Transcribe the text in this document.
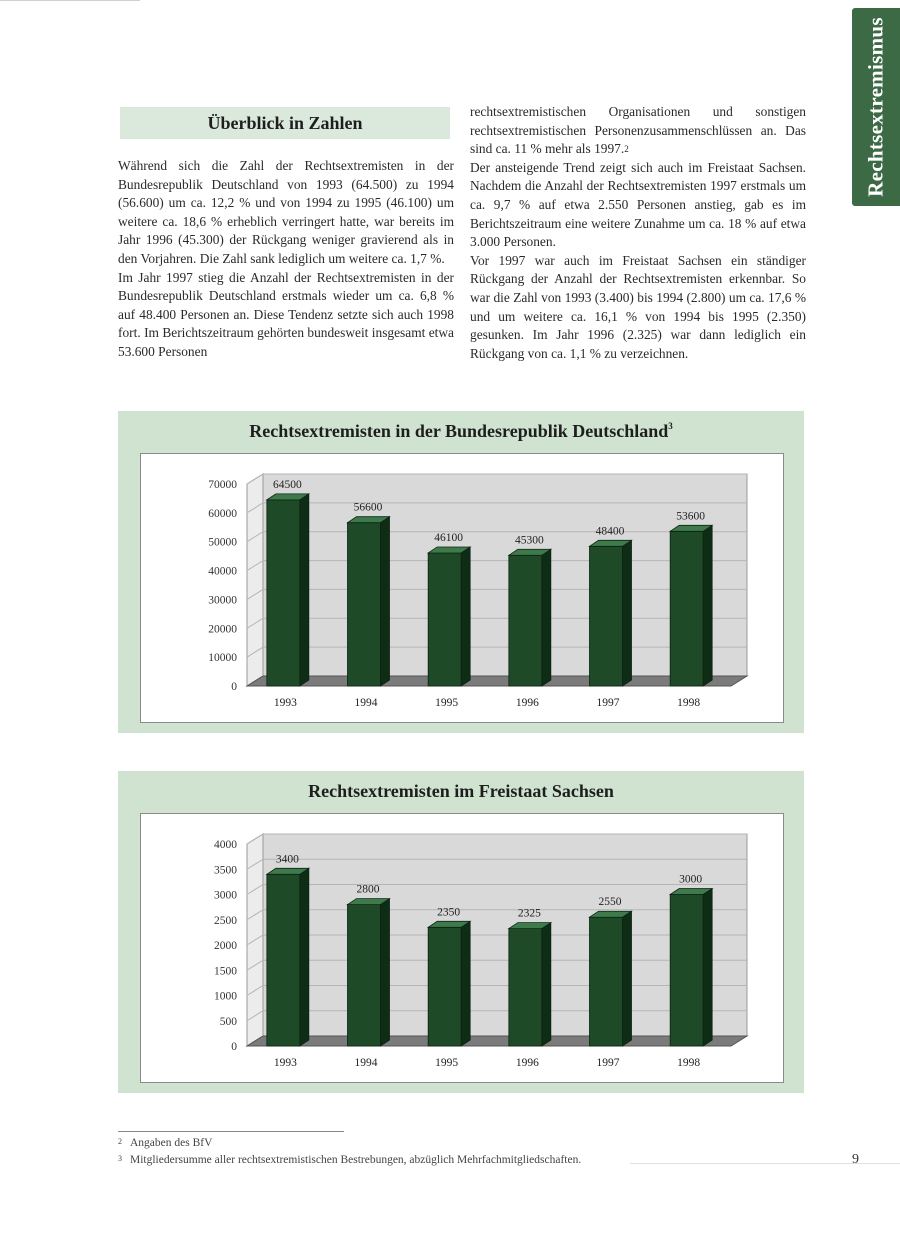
Rechtsextremismus
Überblick in Zahlen

Während sich die Zahl der Rechtsextremisten in der Bundesrepublik Deutschland von 1993 (64.500) zu 1994 (56.600) um ca. 12,2 % und von 1994 zu 1995 (46.100) um weitere ca. 18,6 % erheblich verringert hatte, war bereits im Jahr 1996 (45.300) der Rückgang weniger gravierend als in den Vorjahren. Die Zahl sank lediglich um weitere ca. 1,7 %.

Im Jahr 1997 stieg die Anzahl der Rechtsextremisten in der Bundesrepublik Deutschland erstmals wieder um ca. 6,8 % auf 48.400 Personen an. Diese Tendenz setzte sich auch 1998 fort. Im Berichtszeitraum gehörten bundesweit insgesamt etwa 53.600 Personen

rechtsextremistischen Organisationen und sonstigen rechtsextremistischen Personenzusammenschlüssen an. Das sind ca. 11 % mehr als 1997.$^2$

Der ansteigende Trend zeigt sich auch im Freistaat Sachsen. Nachdem die Anzahl der Rechtsextremisten 1997 erstmals um ca. 9,7 % auf etwa 2.550 Personen anstieg, gab es im Berichtszeitraum eine weitere Zunahme um ca. 18 % auf etwa 3.000 Personen.

Vor 1997 war auch im Freistaat Sachsen ein ständiger Rückgang der Anzahl der Rechtsextremisten erkennbar. So war die Zahl von 1993 (3.400) bis 1994 (2.800) um ca. 17,6 % und um weitere ca. 16,1 % von 1994 bis 1995 (2.350) gesunken. Im Jahr 1996 (2.325) war dann lediglich ein Rückgang von ca. 1,1 % zu verzeichnen.

Rechtsextremisten in der Bundesrepublik Deutschland$^3$
0
10000
20000
30000
40000
50000
60000
70000	64500
1993
56600
1994
46100
1995
45300
1996
48400
1997
53600
1998
Rechtsextremisten im Freistaat Sachsen
0
500
1000
1500
2000
2500
3000
3500
4000
3400
1993
2800
1994
2350
1995
2325
1996
2550
1997
3000
1998
$^2$ Angaben des BfV
$^3$ Mitgliedersumme aller rechtsextremistischen Bestrebungen, abzüglich Mehrfachmitgliedschaften.	9
